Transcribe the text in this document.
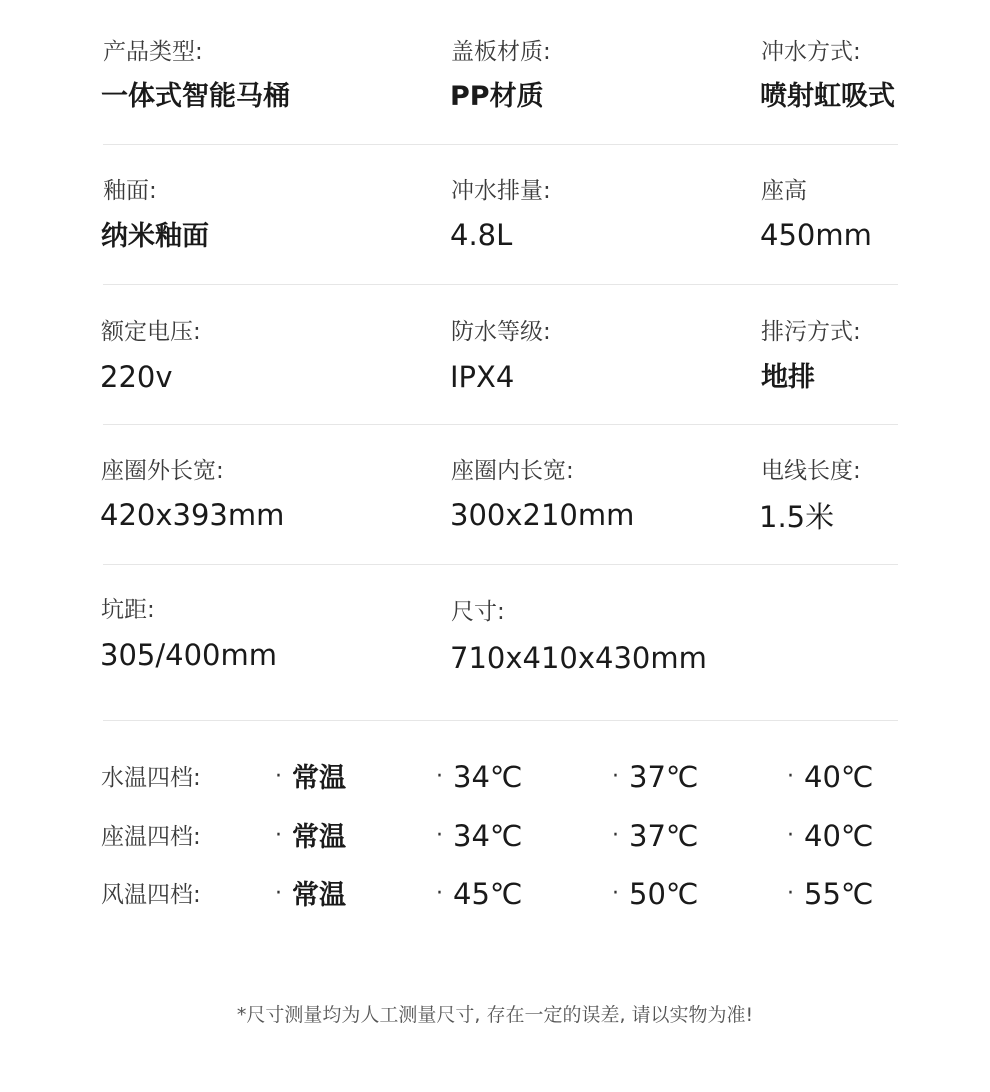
产品类型:
一体式智能马桶
盖板材质:
PP材质
冲水方式:
喷射虹吸式
釉面:
纳米釉面
冲水排量:
4.8L
座高
450mm
额定电压:
220v
防水等级:
IPX4
排污方式:
地排
座圈外长宽:
420x393mm
座圈内长宽:
300x210mm
电线长度:
1.5米
坑距:
305/400mm
尺寸:
710x410x430mm
水温四档:	· 常温	· 34℃	· 37℃	· 40℃
座温四档:	· 常温	· 34℃	· 37℃	· 40℃
风温四档:	· 常温	· 45℃	· 50℃	· 55℃
*尺寸测量均为人工测量尺寸, 存在一定的误差, 请以实物为准!
